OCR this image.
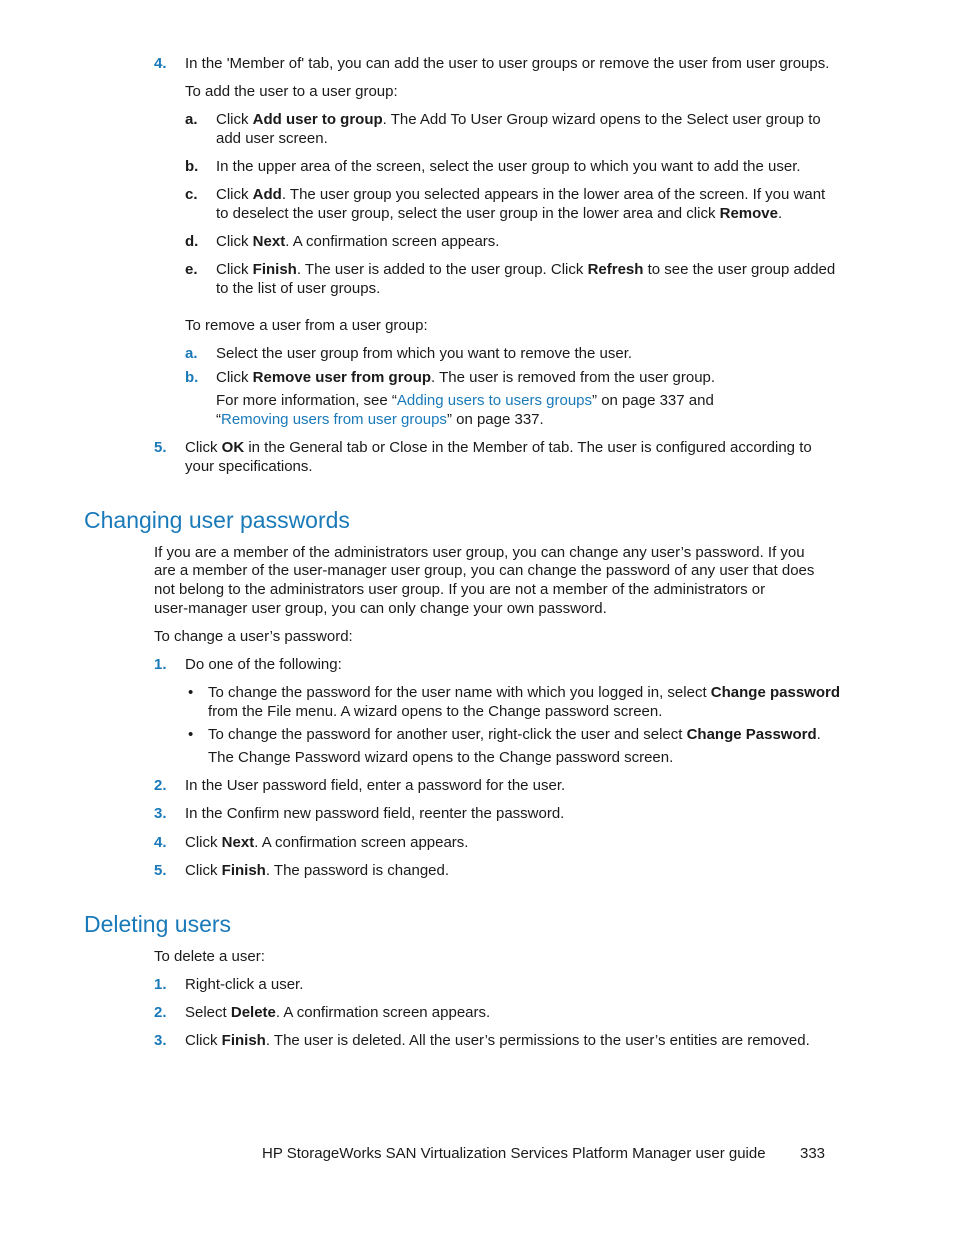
4. In the 'Member of' tab, you can add the user to user groups or remove the user from user groups.
To add the user to a user group:
a. Click Add user to group. The Add To User Group wizard opens to the Select user group to
add user screen.
b. In the upper area of the screen, select the user group to which you want to add the user.
c. Click Add. The user group you selected appears in the lower area of the screen. If you want
to deselect the user group, select the user group in the lower area and click Remove.
d. Click Next. A confirmation screen appears.
e. Click Finish. The user is added to the user group. Click Refresh to see the user group added
to the list of user groups.
To remove a user from a user group:
a. Select the user group from which you want to remove the user.
b. Click Remove user from group. The user is removed from the user group.
For more information, see “Adding users to users groups” on page 337 and
“Removing users from user groups” on page 337.
5. Click OK in the General tab or Close in the Member of tab. The user is configured according to
your specifications.
Changing user passwords
If you are a member of the administrators user group, you can change any user’s password. If you
are a member of the user-manager user group, you can change the password of any user that does
not belong to the administrators user group. If you are not a member of the administrators or
user-manager user group, you can only change your own password.
To change a user’s password:
1. Do one of the following:
• To change the password for the user name with which you logged in, select Change password
from the File menu. A wizard opens to the Change password screen.
• To change the password for another user, right-click the user and select Change Password.
The Change Password wizard opens to the Change password screen.
2. In the User password field, enter a password for the user.
3. In the Confirm new password field, reenter the password.
4. Click Next. A confirmation screen appears.
5. Click Finish. The password is changed.
Deleting users
To delete a user:
1. Right-click a user.
2. Select Delete. A confirmation screen appears.
3. Click Finish. The user is deleted. All the user’s permissions to the user’s entities are removed.
HP StorageWorks SAN Virtualization Services Platform Manager user guide 333
